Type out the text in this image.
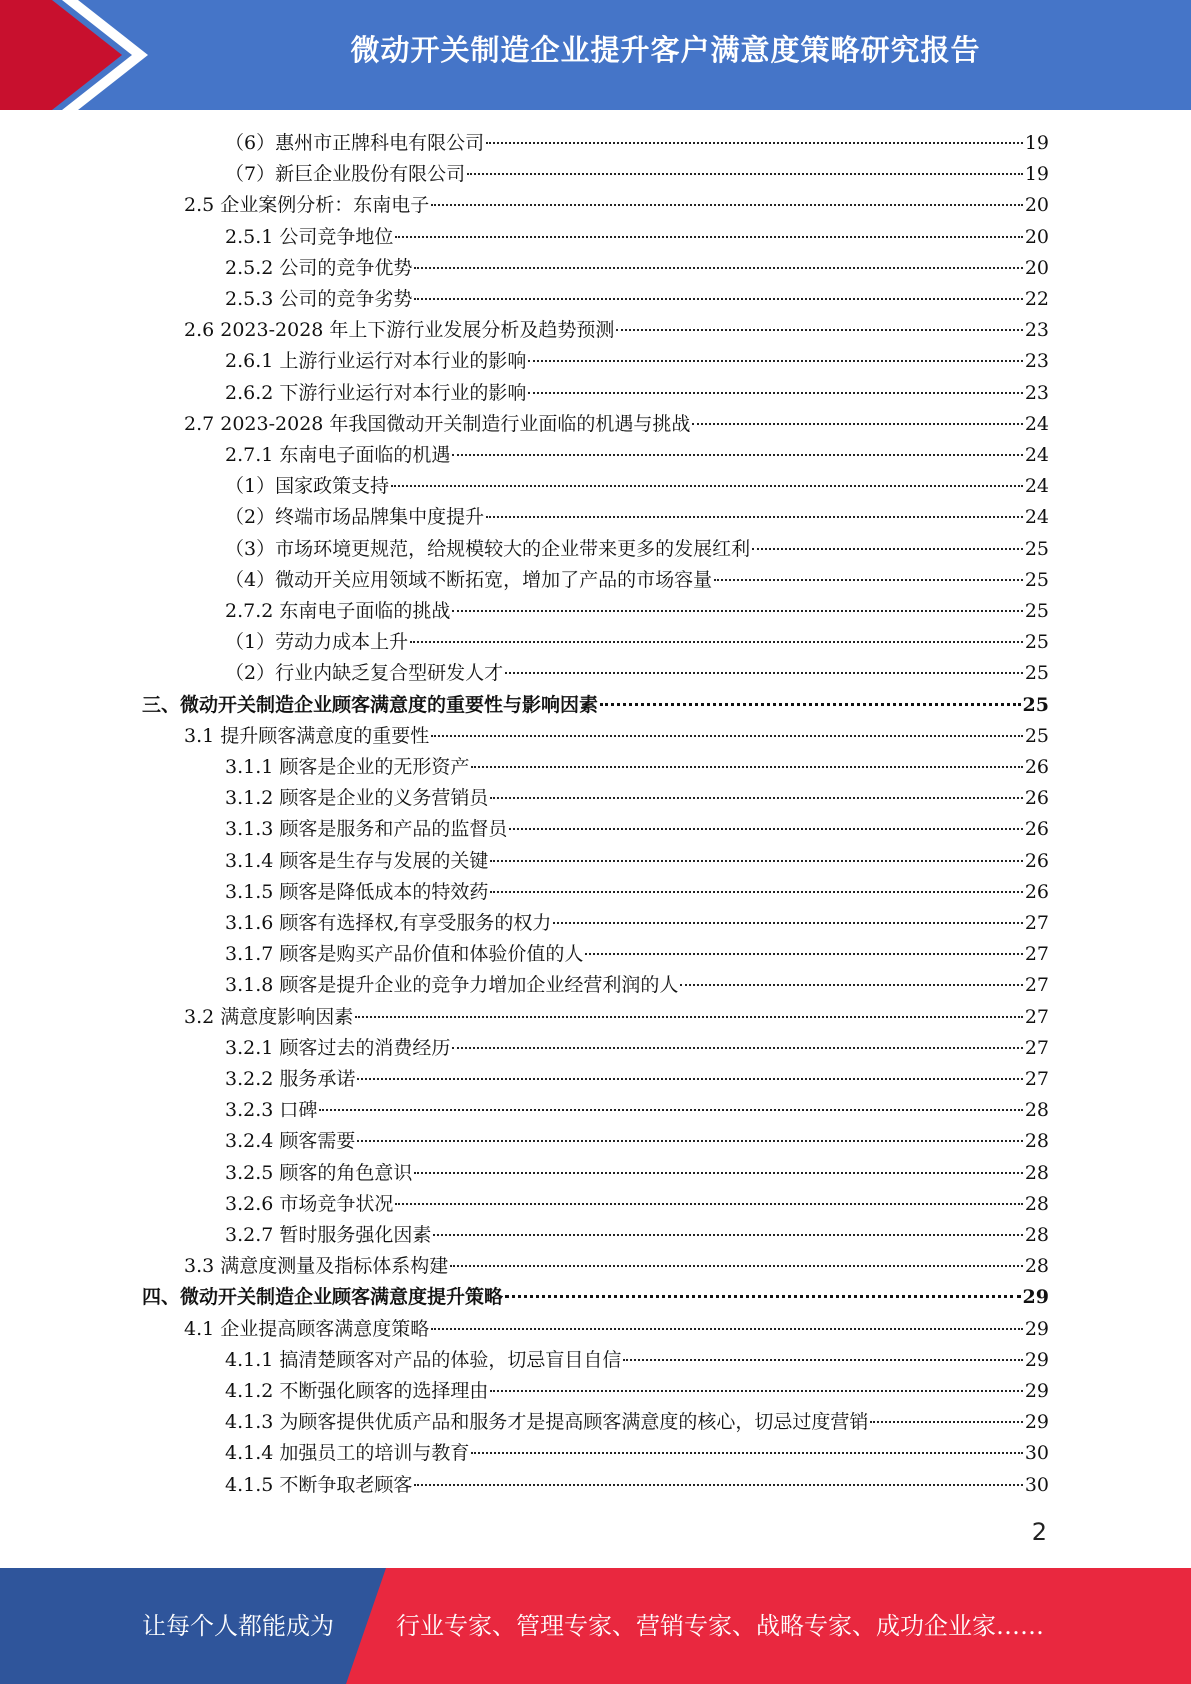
微动开关制造企业提升客户满意度策略研究报告
（6）惠州市正牌科电有限公司	19
（7）新巨企业股份有限公司	19
2.5 企业案例分析：东南电子	20
2.5.1 公司竞争地位	20
2.5.2 公司的竞争优势	20
2.5.3 公司的竞争劣势	22
2.6 2023-2028 年上下游行业发展分析及趋势预测	23
2.6.1 上游行业运行对本行业的影响	23
2.6.2 下游行业运行对本行业的影响	23
2.7 2023-2028 年我国微动开关制造行业面临的机遇与挑战	24
2.7.1 东南电子面临的机遇	24
（1）国家政策支持	24
（2）终端市场品牌集中度提升	24
（3）市场环境更规范，给规模较大的企业带来更多的发展红利	25
（4）微动开关应用领域不断拓宽，增加了产品的市场容量	25
2.7.2 东南电子面临的挑战	25
（1）劳动力成本上升	25
（2）行业内缺乏复合型研发人才	25
三、微动开关制造企业顾客满意度的重要性与影响因素	25
3.1 提升顾客满意度的重要性	25
3.1.1 顾客是企业的无形资产	26
3.1.2 顾客是企业的义务营销员	26
3.1.3 顾客是服务和产品的监督员	26
3.1.4 顾客是生存与发展的关键	26
3.1.5 顾客是降低成本的特效药	26
3.1.6 顾客有选择权,有享受服务的权力	27
3.1.7 顾客是购买产品价值和体验价值的人	27
3.1.8 顾客是提升企业的竞争力增加企业经营利润的人	27
3.2 满意度影响因素	27
3.2.1 顾客过去的消费经历	27
3.2.2 服务承诺	27
3.2.3 口碑	28
3.2.4 顾客需要	28
3.2.5 顾客的角色意识	28
3.2.6 市场竞争状况	28
3.2.7 暂时服务强化因素	28
3.3 满意度测量及指标体系构建	28
四、微动开关制造企业顾客满意度提升策略	29
4.1 企业提高顾客满意度策略	29
4.1.1 搞清楚顾客对产品的体验，切忌盲目自信	29
4.1.2 不断强化顾客的选择理由	29
4.1.3 为顾客提供优质产品和服务才是提高顾客满意度的核心，切忌过度营销	29
4.1.4 加强员工的培训与教育	30
4.1.5 不断争取老顾客	30
2
让每个人都能成为	行业专家、管理专家、营销专家、战略专家、成功企业家……
